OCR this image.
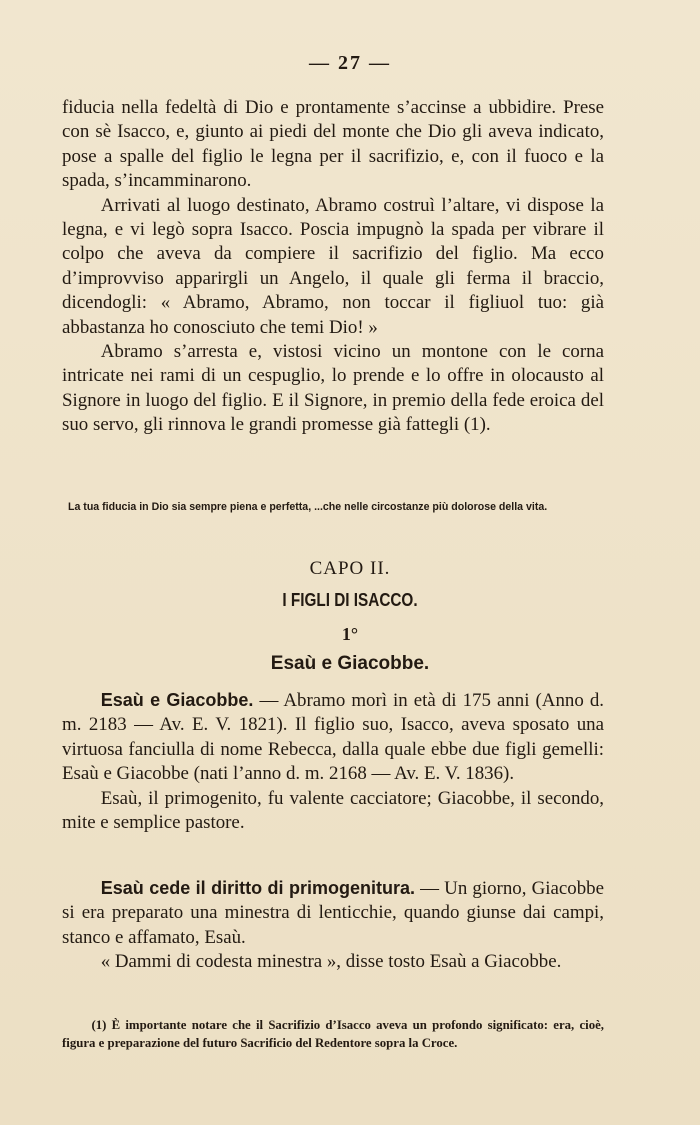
— 27 —

fiducia nella fedeltà di Dio e prontamente s’accinse a ubbidire. Prese con sè Isacco, e, giunto ai piedi del monte che Dio gli aveva indicato, pose a spalle del figlio le legna per il sacrifizio, e, con il fuoco e la spada, s’incamminarono.

Arrivati al luogo destinato, Abramo costruì l’altare, vi dispose la legna, e vi legò sopra Isacco. Poscia impugnò la spada per vibrare il colpo che aveva da compiere il sacrifizio del figlio. Ma ecco d’improvviso apparirgli un Angelo, il quale gli ferma il braccio, dicendogli: « Abramo, Abramo, non toccar il figliuol tuo: già abbastanza ho conosciuto che temi Dio! »

Abramo s’arresta e, vistosi vicino un montone con le corna intricate nei rami di un cespuglio, lo prende e lo offre in olocausto al Signore in luogo del figlio. E il Signore, in premio della fede eroica del suo servo, gli rinnova le grandi promesse già fattegli (1).

La tua fiducia in Dio sia sempre piena e perfetta, ...che nelle circostanze più dolorose della vita.

CAPO II.
I FIGLI DI ISACCO.
1°
Esaù e Giacobbe.

Esaù e Giacobbe. — Abramo morì in età di 175 anni (Anno d. m. 2183 — Av. E. V. 1821). Il figlio suo, Isacco, aveva sposato una virtuosa fanciulla di nome Rebecca, dalla quale ebbe due figli gemelli: Esaù e Giacobbe (nati l’anno d. m. 2168 — Av. E. V. 1836).

Esaù, il primogenito, fu valente cacciatore; Giacobbe, il secondo, mite e semplice pastore.

Esaù cede il diritto di primogenitura. — Un giorno, Giacobbe si era preparato una minestra di lenticchie, quando giunse dai campi, stanco e affamato, Esaù.

« Dammi di codesta minestra », disse tosto Esaù a Giacobbe.

(1) È importante notare che il Sacrifizio d’Isacco aveva un profondo significato: era, cioè, figura e preparazione del futuro Sacrificio del Redentore sopra la Croce.
